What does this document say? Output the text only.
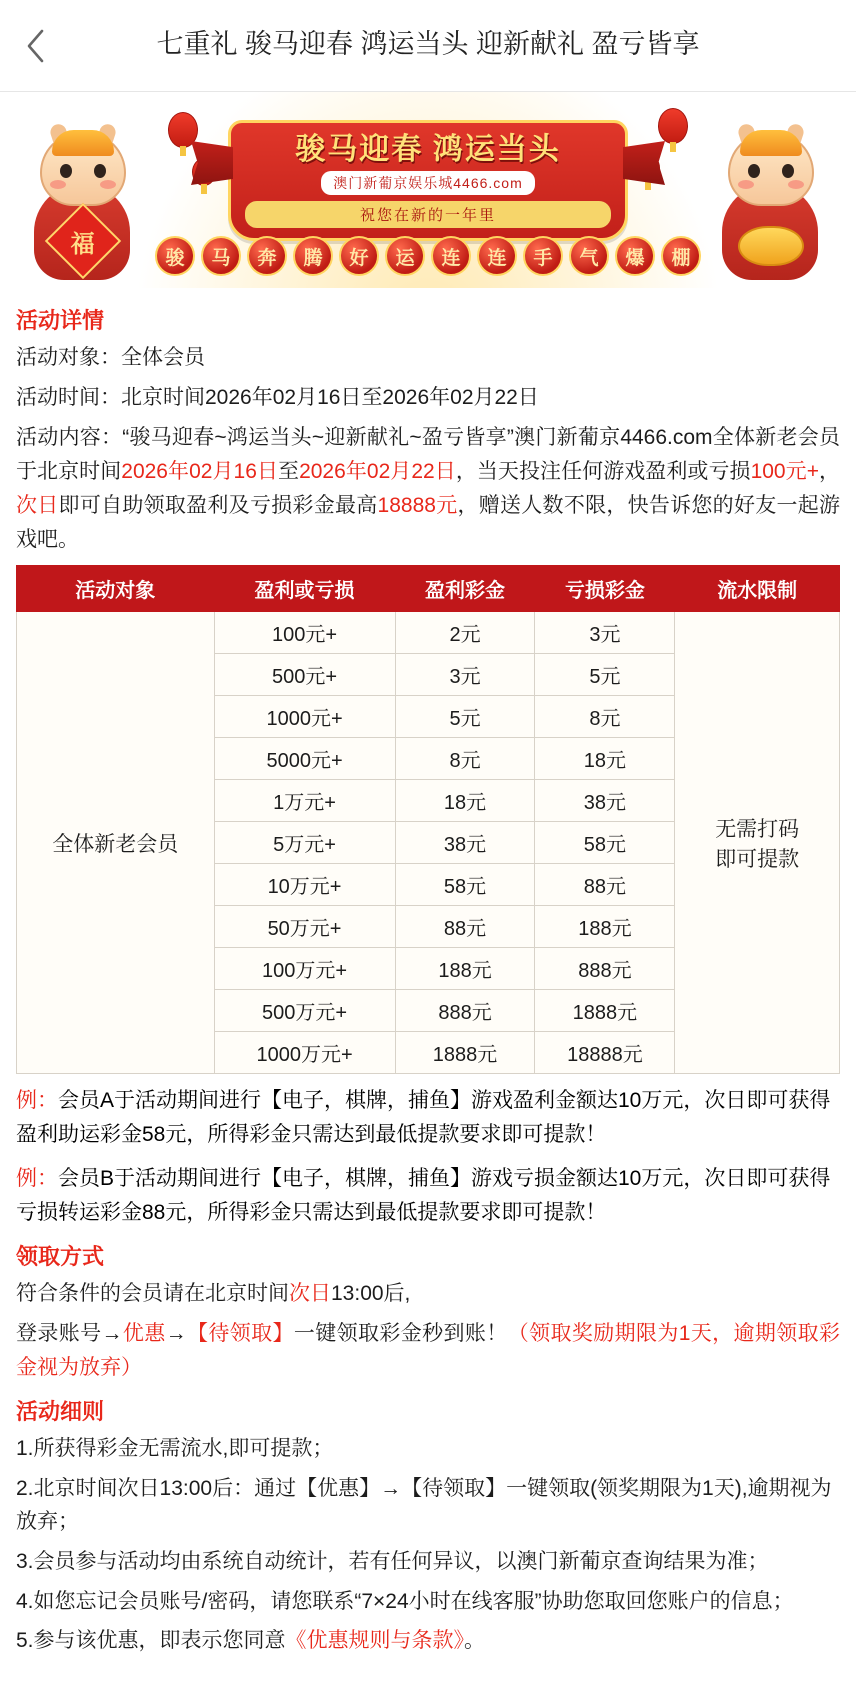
七重礼 骏马迎春 鸿运当头 迎新献礼 盈亏皆享
福
骏马迎春 鸿运当头
澳门新葡京娱乐城4466.com
祝您在新的一年里
骏	马	奔	腾	好	运	连	连	手	气	爆	棚
活动详情

活动对象：全体会员

活动时间：北京时间2026年02月16日至2026年02月22日

活动内容：“骏马迎春~鸿运当头~迎新献礼~盈亏皆享”澳门新葡京4466.com全体新老会员于北京时间2026年02月16日至2026年02月22日，当天投注任何游戏盈利或亏损100元+，次日即可自助领取盈利及亏损彩金最高18888元，赠送人数不限，快告诉您的好友一起游戏吧。

活动对象	盈利或亏损	盈利彩金	亏损彩金	流水限制
全体新老会员	100元+	2元	3元	无需打码
即可提款

	500元+	3元	5元	
	1000元+	5元	8元	
	5000元+	8元	18元	
	1万元+	18元	38元	
	5万元+	38元	58元	
	10万元+	58元	88元	
	50万元+	88元	188元	
	100万元+	188元	888元	
	500万元+	888元	1888元	
	1000万元+	1888元	18888元	

例：会员A于活动期间进行【电子，棋牌，捕鱼】游戏盈利金额达10万元，次日即可获得盈利助运彩金58元，所得彩金只需达到最低提款要求即可提款！

例：会员B于活动期间进行【电子，棋牌，捕鱼】游戏亏损金额达10万元，次日即可获得亏损转运彩金88元，所得彩金只需达到最低提款要求即可提款！

领取方式

符合条件的会员请在北京时间次日13:00后,

登录账号→优惠→【待领取】一键领取彩金秒到账！（领取奖励期限为1天，逾期领取彩金视为放弃）

活动细则

1.所获得彩金无需流水,即可提款；

2.北京时间次日13:00后：通过【优惠】→【待领取】一键领取(领奖期限为1天),逾期视为放弃；

3.会员参与活动均由系统自动统计，若有任何异议，以澳门新葡京查询结果为准；

4.如您忘记会员账号/密码，请您联系“7×24小时在线客服”协助您取回您账户的信息；

5.参与该优惠，即表示您同意《优惠规则与条款》。
